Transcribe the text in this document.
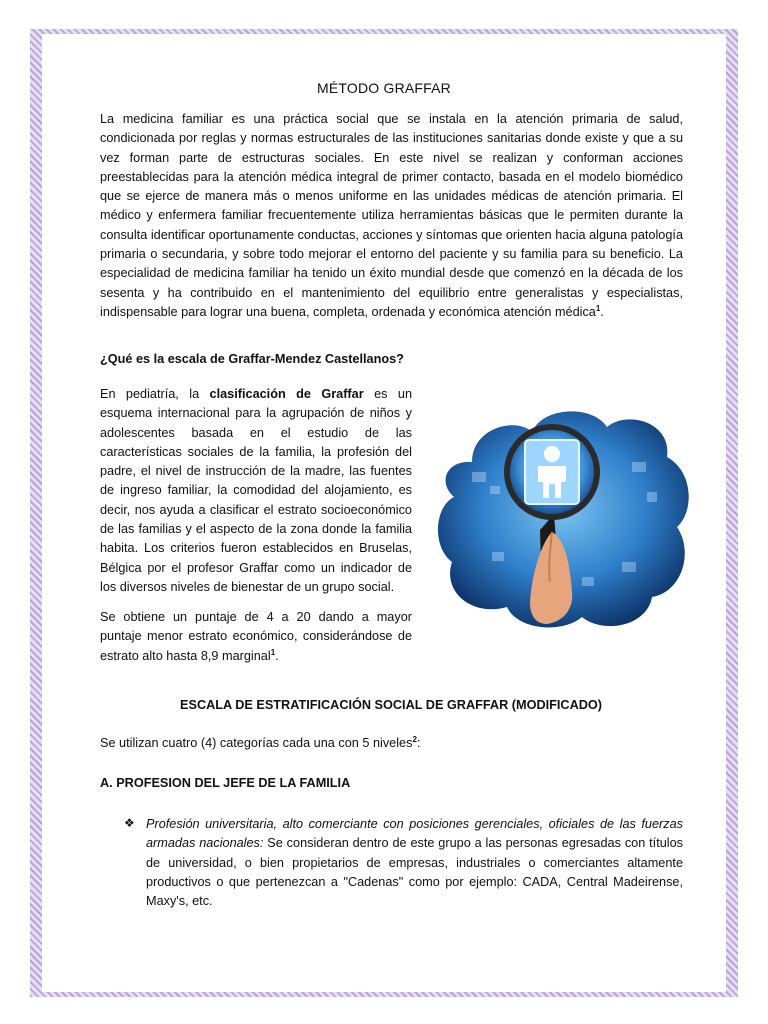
MÉTODO GRAFFAR
La medicina familiar es una práctica social que se instala en la atención primaria de salud, condicionada por reglas y normas estructurales de las instituciones sanitarias donde existe y que a su vez forman parte de estructuras sociales. En este nivel se realizan y conforman acciones preestablecidas para la atención médica integral de primer contacto, basada en el modelo biomédico que se ejerce de manera más o menos uniforme en las unidades médicas de atención primaria. El médico y enfermera familiar frecuentemente utiliza herramientas básicas que le permiten durante la consulta identificar oportunamente conductas, acciones y síntomas que orienten hacia alguna patología primaria o secundaria, y sobre todo mejorar el entorno del paciente y su familia para su beneficio. La especialidad de medicina familiar ha tenido un éxito mundial desde que comenzó en la década de los sesenta y ha contribuido en el mantenimiento del equilibrio entre generalistas y especialistas, indispensable para lograr una buena, completa, ordenada y económica atención médica$^1$.
¿Qué es la escala de Graffar-Mendez Castellanos?
En pediatría, la clasificación de Graffar es un esquema internacional para la agrupación de niños y adolescentes basada en el estudio de las características sociales de la familia, la profesión del padre, el nivel de instrucción de la madre, las fuentes de ingreso familiar, la comodidad del alojamiento, es decir, nos ayuda a clasificar el estrato socioeconómico de las familias y el aspecto de la zona donde la familia habita. Los criterios fueron establecidos en Bruselas, Bélgica por el profesor Graffar como un indicador de los diversos niveles de bienestar de un grupo social.
Se obtiene un puntaje de 4 a 20 dando a mayor puntaje menor estrato económico, considerándose de estrato alto hasta 8,9 marginal$^1$.
ESCALA DE ESTRATIFICACIÓN SOCIAL DE GRAFFAR (MODIFICADO)
Se utilizan cuatro (4) categorías cada una con 5 niveles$^2$:
A. PROFESION DEL JEFE DE LA FAMILIA
❖ Profesión universitaria, alto comerciante con posiciones gerenciales, oficiales de las fuerzas armadas nacionales: Se consideran dentro de este grupo a las personas egresadas con títulos de universidad, o bien propietarios de empresas, industriales o comerciantes altamente productivos o que pertenezcan a "Cadenas" como por ejemplo: CADA, Central Madeirense, Maxy's, etc.
